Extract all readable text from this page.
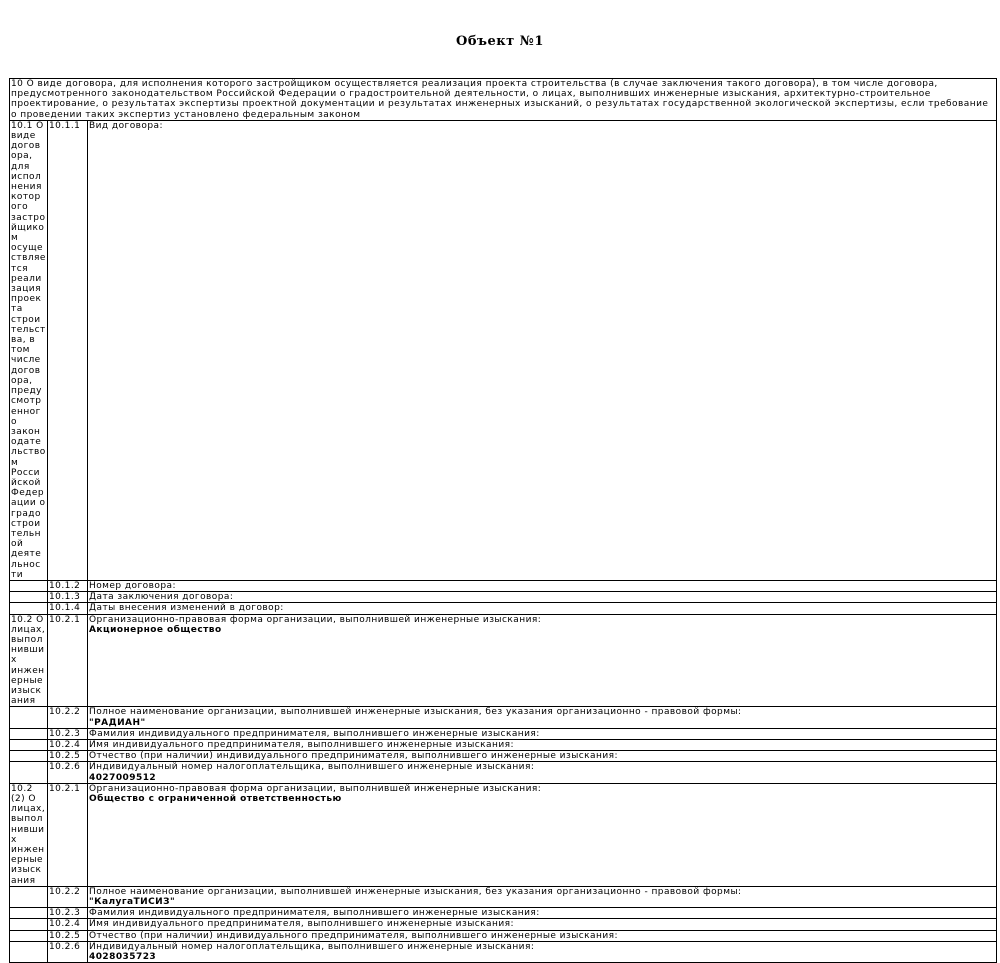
Объект №1
10 О виде договора, для исполнения которого застройщиком осуществляется реализация проекта строительства (в случае заключения такого договора), в том числе договора, предусмотренного законодательством Российской Федерации о градостроительной деятельности, о лицах, выполнивших инженерные изыскания, архитектурно-строительное проектирование, о результатах экспертизы проектной документации и результатах инженерных изысканий, о результатах государственной экологической экспертизы, если требование о проведении таких экспертиз установлено федеральным законом		
10.1 О виде договора, для исполнения которого застройщиком осуществляется реализация проекта строительства, в том числе договора, предусмотренного законодательством Российской Федерации о градостроительной деятельности	10.1.1	Вид договора:
	10.1.2	Номер договора:
	10.1.3	Дата заключения договора:
	10.1.4	Даты внесения изменений в договор:
10.2 О лицах, выполнивших инженерные изыскания	10.2.1	Организационно-правовая форма организации, выполнившей инженерные изыскания:
Акционерное общество

	10.2.2	Полное наименование организации, выполнившей инженерные изыскания, без указания организационно - правовой формы:
"РАДИАН"

	10.2.3	Фамилия индивидуального предпринимателя, выполнившего инженерные изыскания:
	10.2.4	Имя индивидуального предпринимателя, выполнившего инженерные изыскания:
	10.2.5	Отчество (при наличии) индивидуального предпринимателя, выполнившего инженерные изыскания:
	10.2.6	Индивидуальный номер налогоплательщика, выполнившего инженерные изыскания:
4027009512

10.2 (2) О лицах, выполнивших инженерные изыскания	10.2.1	Организационно-правовая форма организации, выполнившей инженерные изыскания:
Общество с ограниченной ответственностью

	10.2.2	Полное наименование организации, выполнившей инженерные изыскания, без указания организационно - правовой формы:
"КалугаТИСИЗ"

	10.2.3	Фамилия индивидуального предпринимателя, выполнившего инженерные изыскания:
	10.2.4	Имя индивидуального предпринимателя, выполнившего инженерные изыскания:
	10.2.5	Отчество (при наличии) индивидуального предпринимателя, выполнившего инженерные изыскания:
	10.2.6	Индивидуальный номер налогоплательщика, выполнившего инженерные изыскания:
4028035723
